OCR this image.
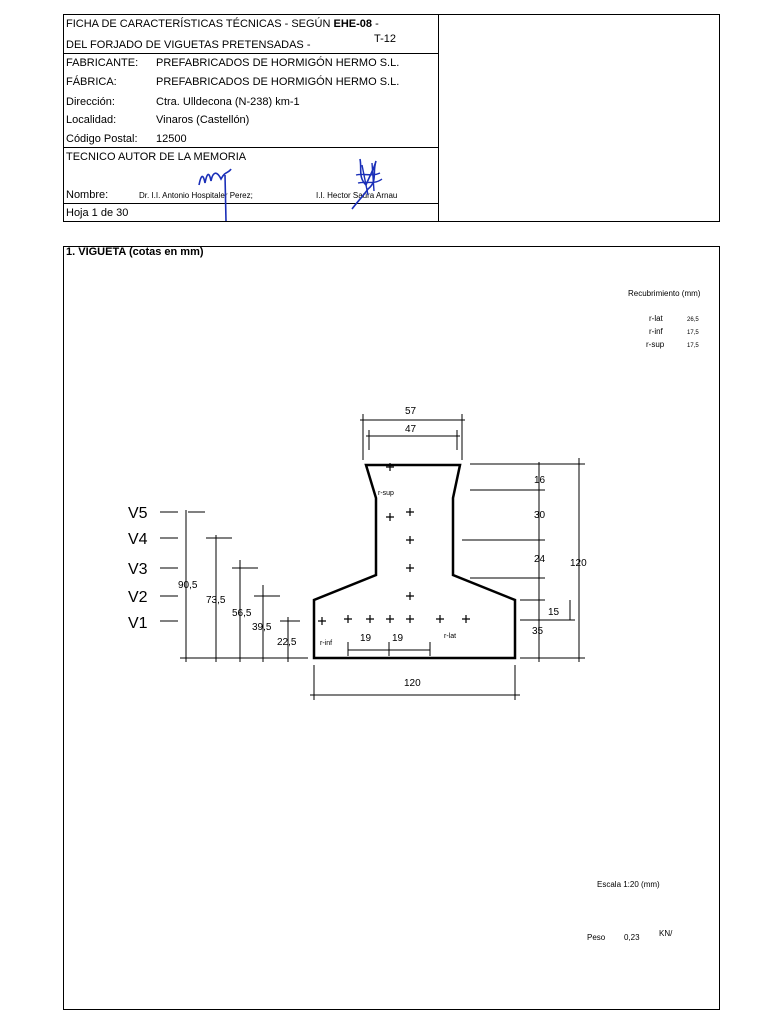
FICHA DE CARACTERÍSTICAS TÉCNICAS - SEGÚN EHE-08 -
T-12
DEL FORJADO DE VIGUETAS PRETENSADAS -
FABRICANTE: PREFABRICADOS DE HORMIGÓN HERMO S.L.
FÁBRICA:	PREFABRICADOS DE HORMIGÓN HERMO S.L.
Dirección:	Ctra. Ulldecona (N-238) km-1
Localidad:	Vinaros (Castellón)
Código Postal: 12500
TECNICO AUTOR DE LA MEMORIA
Nombre:	Dr. I.I. Antonio Hospitaler Perez;	I.I. Hector Saura Arnau
Hoja 1 de 30
1. VIGUETA (cotas en mm)
Recubrimiento (mm)
r-lat	26,5
r-inf	17,5
r-sup	17,5
57
47
120
120
16
30
24
15
35
90,5
73,5
56,5
39,5
22,5	19 19
r-sup
r-inf
r-lat
V5
V4
V3
V2
V1
Escala 1:20 (mm)
Peso 0,23 KN/
